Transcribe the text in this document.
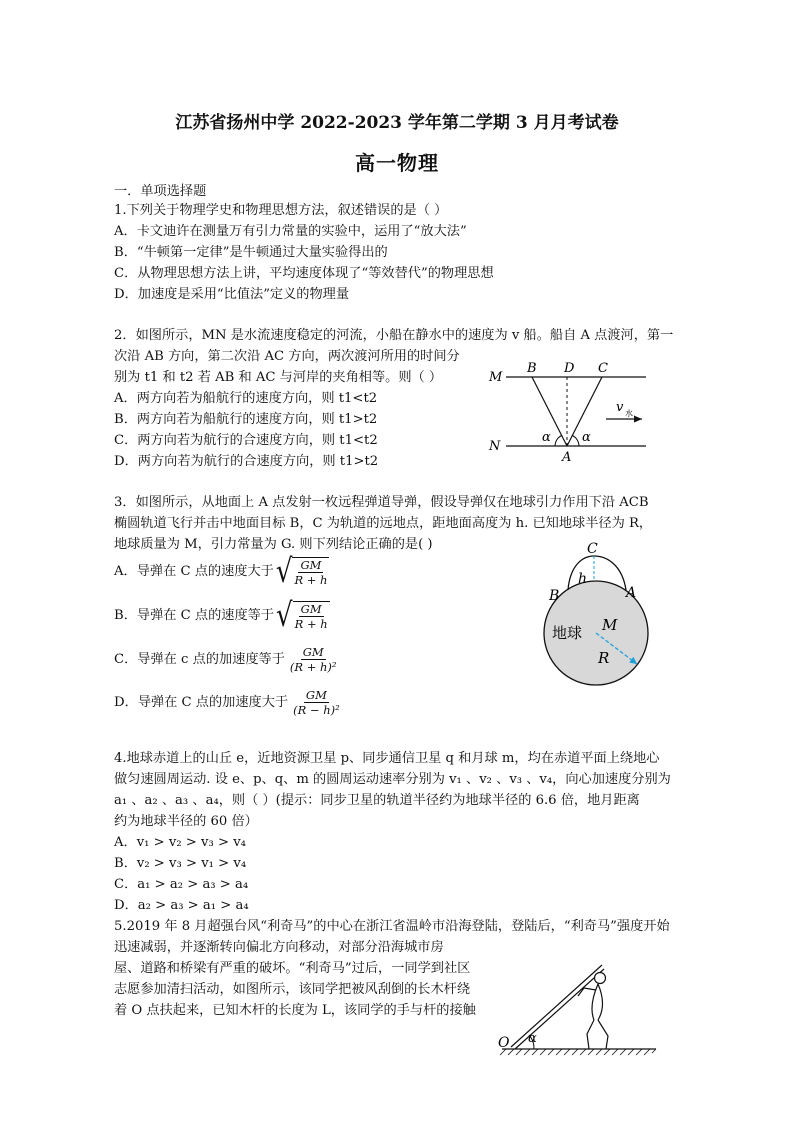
江苏省扬州中学 2022-2023 学年第二学期 3 月月考试卷
高一物理
一．单项选择题
1.下列关于物理学史和物理思想方法，叙述错误的是（ ）
A．卡文迪许在测量万有引力常量的实验中，运用了“放大法”
B．“牛顿第一定律”是牛顿通过大量实验得出的
C．从物理思想方法上讲，平均速度体现了“等效替代”的物理思想
D．加速度是采用“比值法”定义的物理量
2．如图所示，MN 是水流速度稳定的河流，小船在静水中的速度为 v 船。船自 A 点渡河，第一
次沿 AB 方向，第二次沿 AC 方向，两次渡河所用的时间分
别为 t1 和 t2 若 AB 和 AC 与河岸的夹角相等。则（ ）
A．两方向若为船航行的速度方向，则 t1<t2
B．两方向若为船航行的速度方向，则 t1>t2
C．两方向若为航行的合速度方向，则 t1<t2
D．两方向若为航行的合速度方向，则 t1>t2
M
N
B D C
A
α α
v 水
3．如图所示，从地面上 A 点发射一枚远程弹道导弹，假设导弹仅在地球引力作用下沿 ACB
椭圆轨道飞行并击中地面目标 B，C 为轨道的远地点，距地面高度为 h. 已知地球半径为 R，
地球质量为 M，引力常量为 G. 则下列结论正确的是( )
A．导弹在 C 点的速度大于 √ $\frac{GM}{R + h}$
B．导弹在 C 点的速度等于 √ $\frac{GM}{R + h}$
C．导弹在 c 点的加速度等于 $\frac{GM}{\text{(R + h)²}}$
D．导弹在 C 点的加速度大于 $\frac{GM}{\text{(R − h)²}}$
C
h
B	A
地球 M
R
4.地球赤道上的山丘 e，近地资源卫星 p、同步通信卫星 q 和月球 m，均在赤道平面上绕地心
做匀速圆周运动. 设 e、p、q、m 的圆周运动速率分别为 v₁ 、v₂ 、v₃ 、v₄，向心加速度分别为
a₁ 、a₂ 、a₃ 、a₄，则（ ）(提示：同步卫星的轨道半径约为地球半径的 6.6 倍，地月距离
约为地球半径的 60 倍）
A．v₁ > v₂ > v₃ > v₄
B．v₂ > v₃ > v₁ > v₄
C．a₁ > a₂ > a₃ > a₄
D．a₂ > a₃ > a₁ > a₄
5.2019 年 8 月超强台风“利奇马”的中心在浙江省温岭市沿海登陆，登陆后，“利奇马”强度开始
迅速减弱，并逐渐转向偏北方向移动，对部分沿海城市房
屋、道路和桥梁有严重的破坏。“利奇马”过后，一同学到社区
志愿参加清扫活动，如图所示，该同学把被风刮倒的长木杆绕
着 O 点扶起来，已知木杆的长度为 L，该同学的手与杆的接触
O α
